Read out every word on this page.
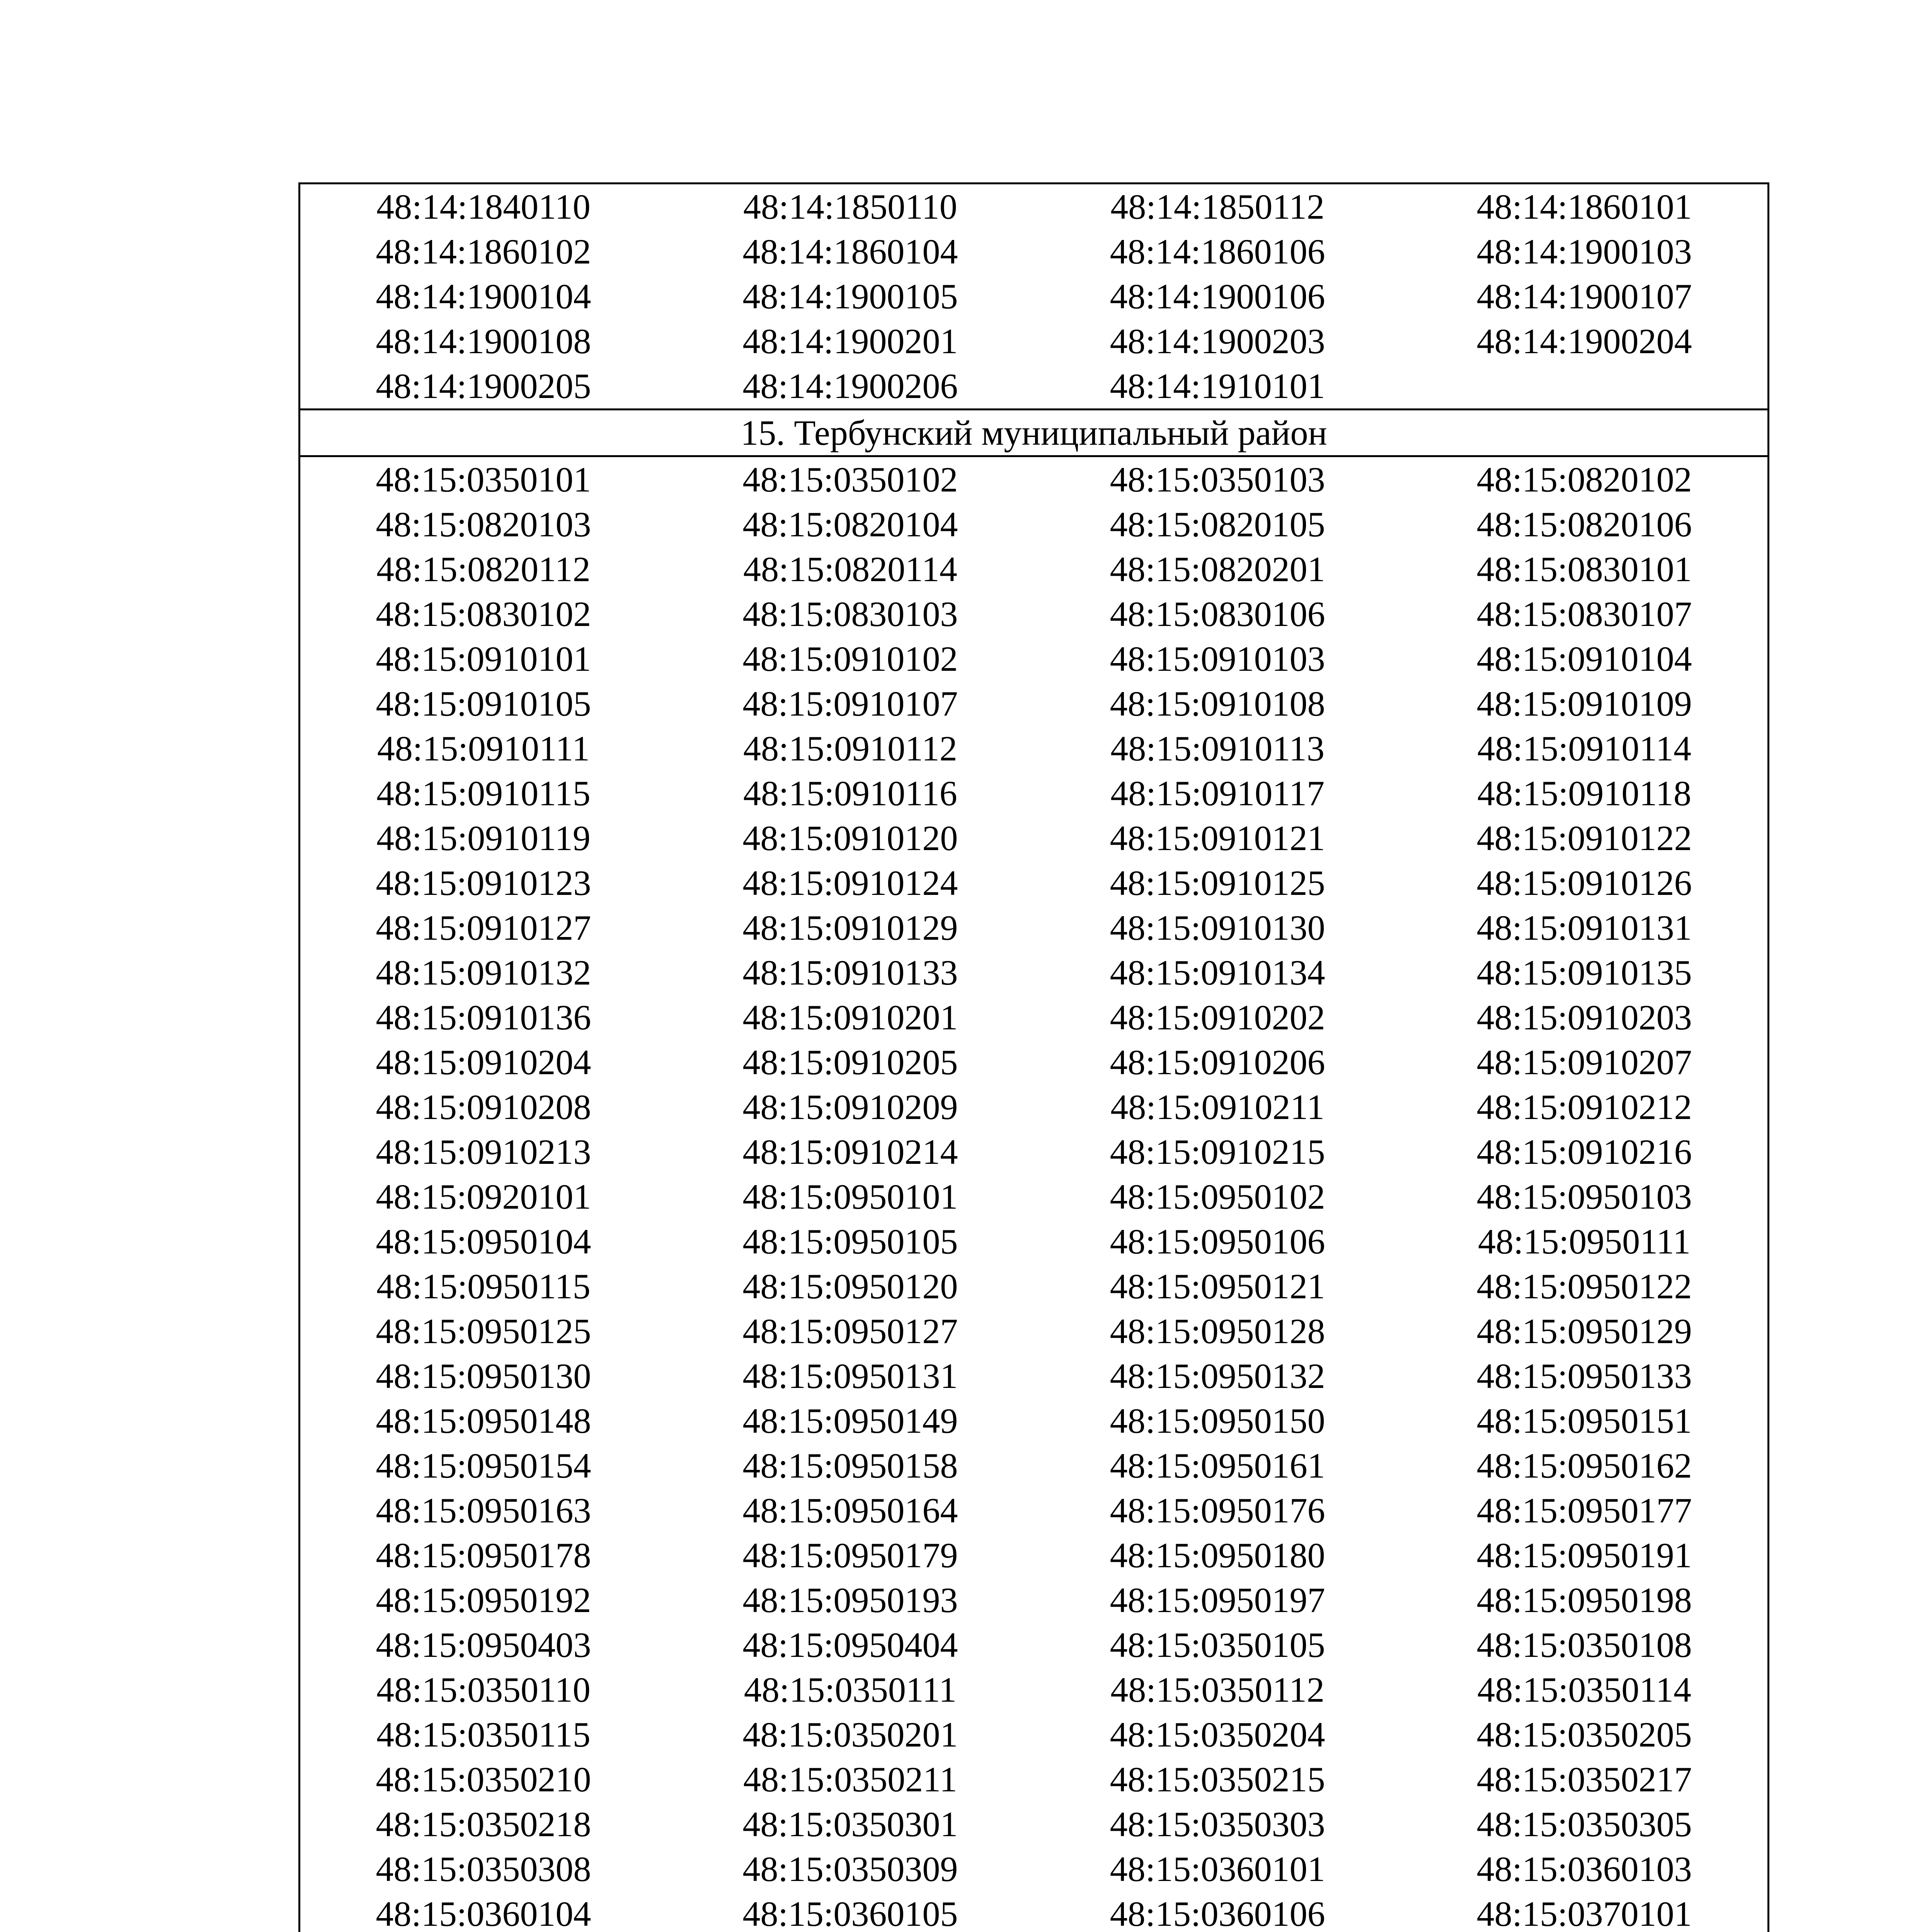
48:14:1840110	48:14:1850110	48:14:1850112	48:14:1860101
48:14:1860102	48:14:1860104	48:14:1860106	48:14:1900103
48:14:1900104	48:14:1900105	48:14:1900106	48:14:1900107
48:14:1900108	48:14:1900201	48:14:1900203	48:14:1900204
48:14:1900205	48:14:1900206	48:14:1910101	
15. Тербунский муниципальный район			
48:15:0350101	48:15:0350102	48:15:0350103	48:15:0820102
48:15:0820103	48:15:0820104	48:15:0820105	48:15:0820106
48:15:0820112	48:15:0820114	48:15:0820201	48:15:0830101
48:15:0830102	48:15:0830103	48:15:0830106	48:15:0830107
48:15:0910101	48:15:0910102	48:15:0910103	48:15:0910104
48:15:0910105	48:15:0910107	48:15:0910108	48:15:0910109
48:15:0910111	48:15:0910112	48:15:0910113	48:15:0910114
48:15:0910115	48:15:0910116	48:15:0910117	48:15:0910118
48:15:0910119	48:15:0910120	48:15:0910121	48:15:0910122
48:15:0910123	48:15:0910124	48:15:0910125	48:15:0910126
48:15:0910127	48:15:0910129	48:15:0910130	48:15:0910131
48:15:0910132	48:15:0910133	48:15:0910134	48:15:0910135
48:15:0910136	48:15:0910201	48:15:0910202	48:15:0910203
48:15:0910204	48:15:0910205	48:15:0910206	48:15:0910207
48:15:0910208	48:15:0910209	48:15:0910211	48:15:0910212
48:15:0910213	48:15:0910214	48:15:0910215	48:15:0910216
48:15:0920101	48:15:0950101	48:15:0950102	48:15:0950103
48:15:0950104	48:15:0950105	48:15:0950106	48:15:0950111
48:15:0950115	48:15:0950120	48:15:0950121	48:15:0950122
48:15:0950125	48:15:0950127	48:15:0950128	48:15:0950129
48:15:0950130	48:15:0950131	48:15:0950132	48:15:0950133
48:15:0950148	48:15:0950149	48:15:0950150	48:15:0950151
48:15:0950154	48:15:0950158	48:15:0950161	48:15:0950162
48:15:0950163	48:15:0950164	48:15:0950176	48:15:0950177
48:15:0950178	48:15:0950179	48:15:0950180	48:15:0950191
48:15:0950192	48:15:0950193	48:15:0950197	48:15:0950198
48:15:0950403	48:15:0950404	48:15:0350105	48:15:0350108
48:15:0350110	48:15:0350111	48:15:0350112	48:15:0350114
48:15:0350115	48:15:0350201	48:15:0350204	48:15:0350205
48:15:0350210	48:15:0350211	48:15:0350215	48:15:0350217
48:15:0350218	48:15:0350301	48:15:0350303	48:15:0350305
48:15:0350308	48:15:0350309	48:15:0360101	48:15:0360103
48:15:0360104	48:15:0360105	48:15:0360106	48:15:0370101
